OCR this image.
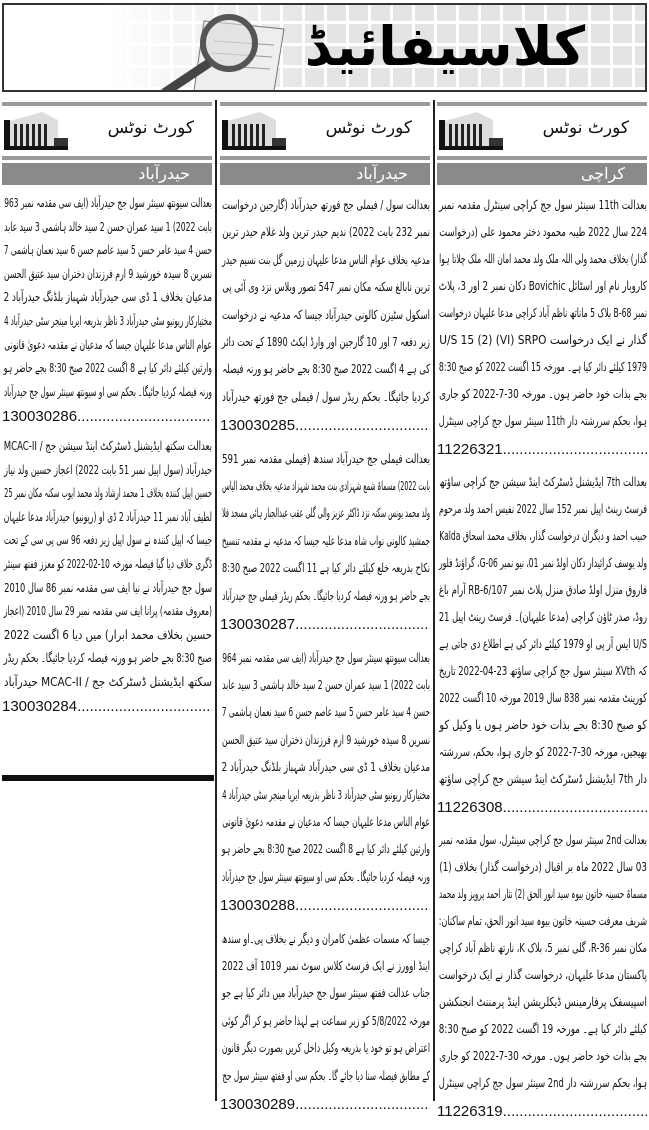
کلاسیفائیڈ
کورٹ نوٹس
کراچی
بعدالت 11th سینئر سول جج کراچی سینٹرل مقدمہ نمبر
224 سال 2022 طیبہ محمود دختر محمود علی (درخواست
گذار) بخلاف محمد ولی اللہ ملک ولد محمد امان اللہ ملک چلاتا ہوا
کاروبار نام اور اسٹائل Bovichic دکان نمبر 2 اور 3، پلاٹ
نمبر B-68 بلاک 5 ماناتھ ناظم آباد کراچی مدعا علیہان درخواست
گذار نے ایک درخواست U/S 15 (2) (VI) SRPO
1979 کیلئے دائر کیا ہے۔ مورخہ 15 اگست 2022 کو صبح 8:30
بجے بذات خود حاضر ہوں۔ مورخہ 30-7-2022 کو جاری
ہوا، بحکم سررشتہ دار 11th سینئر سول جج کراچی سینٹرل
11226321 .....
بعدالت 7th ایڈیشنل ڈسٹرکٹ اینڈ سیشن جج کراچی ساؤتھ
فرسٹ رینٹ اپیل نمبر 152 سال 2022 نفیس احمد ولد مرحوم
حبیب احمد و دیگران درخواست گذار، بخلاف محمد اسحاق Kalda
ولد یوسف کرائیدار دکان اولڈ نمبر 01، نیو نمبر G-06، گراؤنڈ فلور
فاروق منزل اولڈ صادق منزل پلاٹ نمبر RB-6/107 آرام باغ
روڈ، صدر ٹاؤن کراچی (مدعا علیہان)۔ فرسٹ رینٹ اپیل 21
U/S ایس آر پی او 1979 کیلئے دائر کی ہے اطلاع دی جاتی ہے
کہ XVth سینئر سول جج کراچی ساؤتھ 23-04-2022 تاریخ
کورینٹ مقدمہ نمبر 838 سال 2019 مورخہ 10 اگست 2022
کو صبح 8:30 بجے بذات خود حاضر ہوں یا وکیل کو
بھیجیں، مورخہ 30-7-2022 کو جاری ہوا، بحکم، سررشتہ
دار 7th ایڈیشنل ڈسٹرکٹ اینڈ سیشن جج کراچی ساؤتھ
11226308 .....
بعدالت 2nd سینئر سول جج کراچی سینٹرل، سول مقدمہ نمبر
03 سال 2022 ماہ بر اقبال (درخواست گذار) بخلاف (1)
مسماۃ حسینہ خاتون بیوہ سید انور الحق (2) نثار احمد پرویز ولد محمد
شریف معرفت حسینہ خاتون بیوہ سید انور الحق، تمام ساکنان:
مکان نمبر R-36، گلی نمبر 5، بلاک K، نارتھ ناظم آباد کراچی
پاکستان مدعا علیہان، درخواست گذار نے ایک درخواست
اسپیسفک پرفارمینس ڈیکلریشن اینڈ پرمننٹ انجنکشن
کیلئے دائر کیا ہے۔ مورخہ 19 اگست 2022 کو صبح 8:30
بجے بذات خود حاضر ہوں۔ مورخہ 30-7-2022 کو جاری
ہوا، بحکم سررشتہ دار 2nd سینئر سول جج کراچی سینٹرل
11226319 .....
کورٹ نوٹس
حیدرآباد
بعدالت سول / فیملی جج فورتھ حیدرآباد (گارجین درخواست
نمبر 232 بابت 2022) ندیم حیدر ترین ولد غلام حیدر ترین
مدعیہ بخلاف عوام الناس مدعا علیہان زرمین گل بنت نسیم حیدر
ترین نابالغ سکنہ مکان نمبر 547 تصور ویلاس نزد وی آئی پی
اسکول سٹیزن کالونی حیدرآباد جیسا کہ مدعیہ نے درخواست
زیر دفعہ 7 اور 10 گارجین اور وارڈ ایکٹ 1890 کے تحت دائر
کی ہے 4 اگست 2022 صبح 8:30 بجے حاضر ہو ورنہ فیصلہ
کردیا جائیگا۔ بحکم ریڈر سول / فیملی جج فورتھ حیدرآباد
130030285 .....
بعدالت فیملی جج حیدرآباد سندھ (فیملی مقدمہ نمبر 591
بابت 2022) مسماۃ شمع شہزادی بنت محمد شہزاد مدعیہ بخلاف محمد الیاس
ولد محمد یونس سکنہ نزد ڈاکٹر عزیز والی گلی عقب عبدالجبار ہائی مسجد فلا
جمشید کالونی نواب شاہ مدعا علیہ جیسا کہ مدعیہ نے مقدمہ تنسیخ
نکاح بذریعہ خلع کیلئے دائر کیا ہے 11 اگست 2022 صبح 8:30
بجے حاضر ہو ورنہ فیصلہ کردیا جائیگا۔ بحکم ریڈر فیملی جج حیدرآباد
130030287 .....
بعدالت سیونتھ سینئر سول جج حیدرآباد (ایف سی مقدمہ نمبر 964
بابت 2022) 1 سید عمران حسن 2 سید خالد ہاشمی 3 سید عابد
حسن 4 سید عامر حسن 5 سید عاصم حسن 6 سید نعمان ہاشمی 7
نسرین 8 سیدہ خورشید 9 ارم فرزندان دختران سید عتیق الحسن
مدعیان بخلاف 1 ڈی سی حیدرآباد شہباز بلڈنگ حیدرآباد 2
مختیارکار ریونیو سٹی حیدرآباد 3 ناظر بذریعہ ایریا مینجر سٹی حیدرآباد 4
عوام الناس مدعا علیہان جیسا کہ مدعیان نے مقدمہ دعویٰ قانونی
وارثین کیلئے دائر کیا ہے 8 اگست 2022 صبح 8:30 بجے حاضر ہو
ورنہ فیصلہ کردیا جائیگا۔ بحکم سی او سیونتھ سینئر سول جج حیدرآباد
130030288 .....
جیسا کہ مسمات عظمیٰ کامران و دیگر نے بخلاف پی۔او سندھ
اینڈ اوورز نے ایک فرسٹ کلاس سوٹ نمبر 1019 آف 2022
جناب عدالت ففتھ سینئر سول جج حیدرآباد میں دائر کیا ہے جو
مورخہ 5/8/2022 کو زیر سماعت ہے لہذا حاضر ہو کر اگر کوئی
اعتراض ہو تو خود یا بذریعہ وکیل داخل کریں بصورت دیگر قانون
کے مطابق فیصلہ سنا دیا جائے گا۔ بحکم سی او ففتھ سینئر سول جج
130030289 .....
کورٹ نوٹس
حیدرآباد
بعدالت سیونتھ سینئر سول جج حیدرآباد (ایف سی مقدمہ نمبر 963
بابت 2022) 1 سید عمران حسن 2 سید خالد ہاشمی 3 سید عابد
حسن 4 سید عامر حسن 5 سید عاصم حسن 6 سید نعمان ہاشمی 7
نسرین 8 سیدہ خورشید 9 ارم فرزندان دختران سید عتیق الحسن
مدعیان بخلاف 1 ڈی سی حیدرآباد شہباز بلڈنگ حیدرآباد 2
مختیارکار ریونیو سٹی حیدرآباد 3 ناظر بذریعہ ایریا مینجر سٹی حیدرآباد 4
عوام الناس مدعا علیہان جیسا کہ مدعیان نے مقدمہ دعویٰ قانونی
وارثین کیلئے دائر کیا ہے 8 اگست 2022 صبح 8:30 بجے حاضر ہو
ورنہ فیصلہ کردیا جائیگا۔ بحکم سی او سیونتھ سینئر سول جج حیدرآباد
130030286 .....
بعدالت سکتھ ایڈیشنل ڈسٹرکٹ اینڈ سیشن جج / MCAC-II
حیدرآباد (سول اپیل نمبر 51 بابت 2022) اعجاز حسین ولد نیاز
حسین اپیل کنندہ بخلاف 1 محمد ارشاد ولد محمد ایوب سکنہ مکان نمبر 25
لطیف آباد نمبر 11 حیدرآباد 2 ڈی او (ریونیو) حیدرآباد مدعا علیہان
جیسا کہ اپیل کنندہ نے سول اپیل زیر دفعہ 96 سی پی سی کے تحت
ڈگری خلاف دیا گیا فیصلہ مورخہ 10-02-2022 کو معزز ففتھ سینئر
سول جج حیدرآباد نے نیا ایف سی مقدمہ نمبر 86 سال 2010
(معروف مقدمہ) پرانا ایف سی مقدمہ نمبر 29 سال 2010 (اعجاز
حسین بخلاف محمد ابرار) میں دیا 6 اگست 2022
صبح 8:30 بجے حاضر ہو ورنہ فیصلہ کردیا جائیگا۔ بحکم ریڈر
سکتھ ایڈیشنل ڈسٹرکٹ جج / MCAC-II حیدرآباد
130030284 .....
